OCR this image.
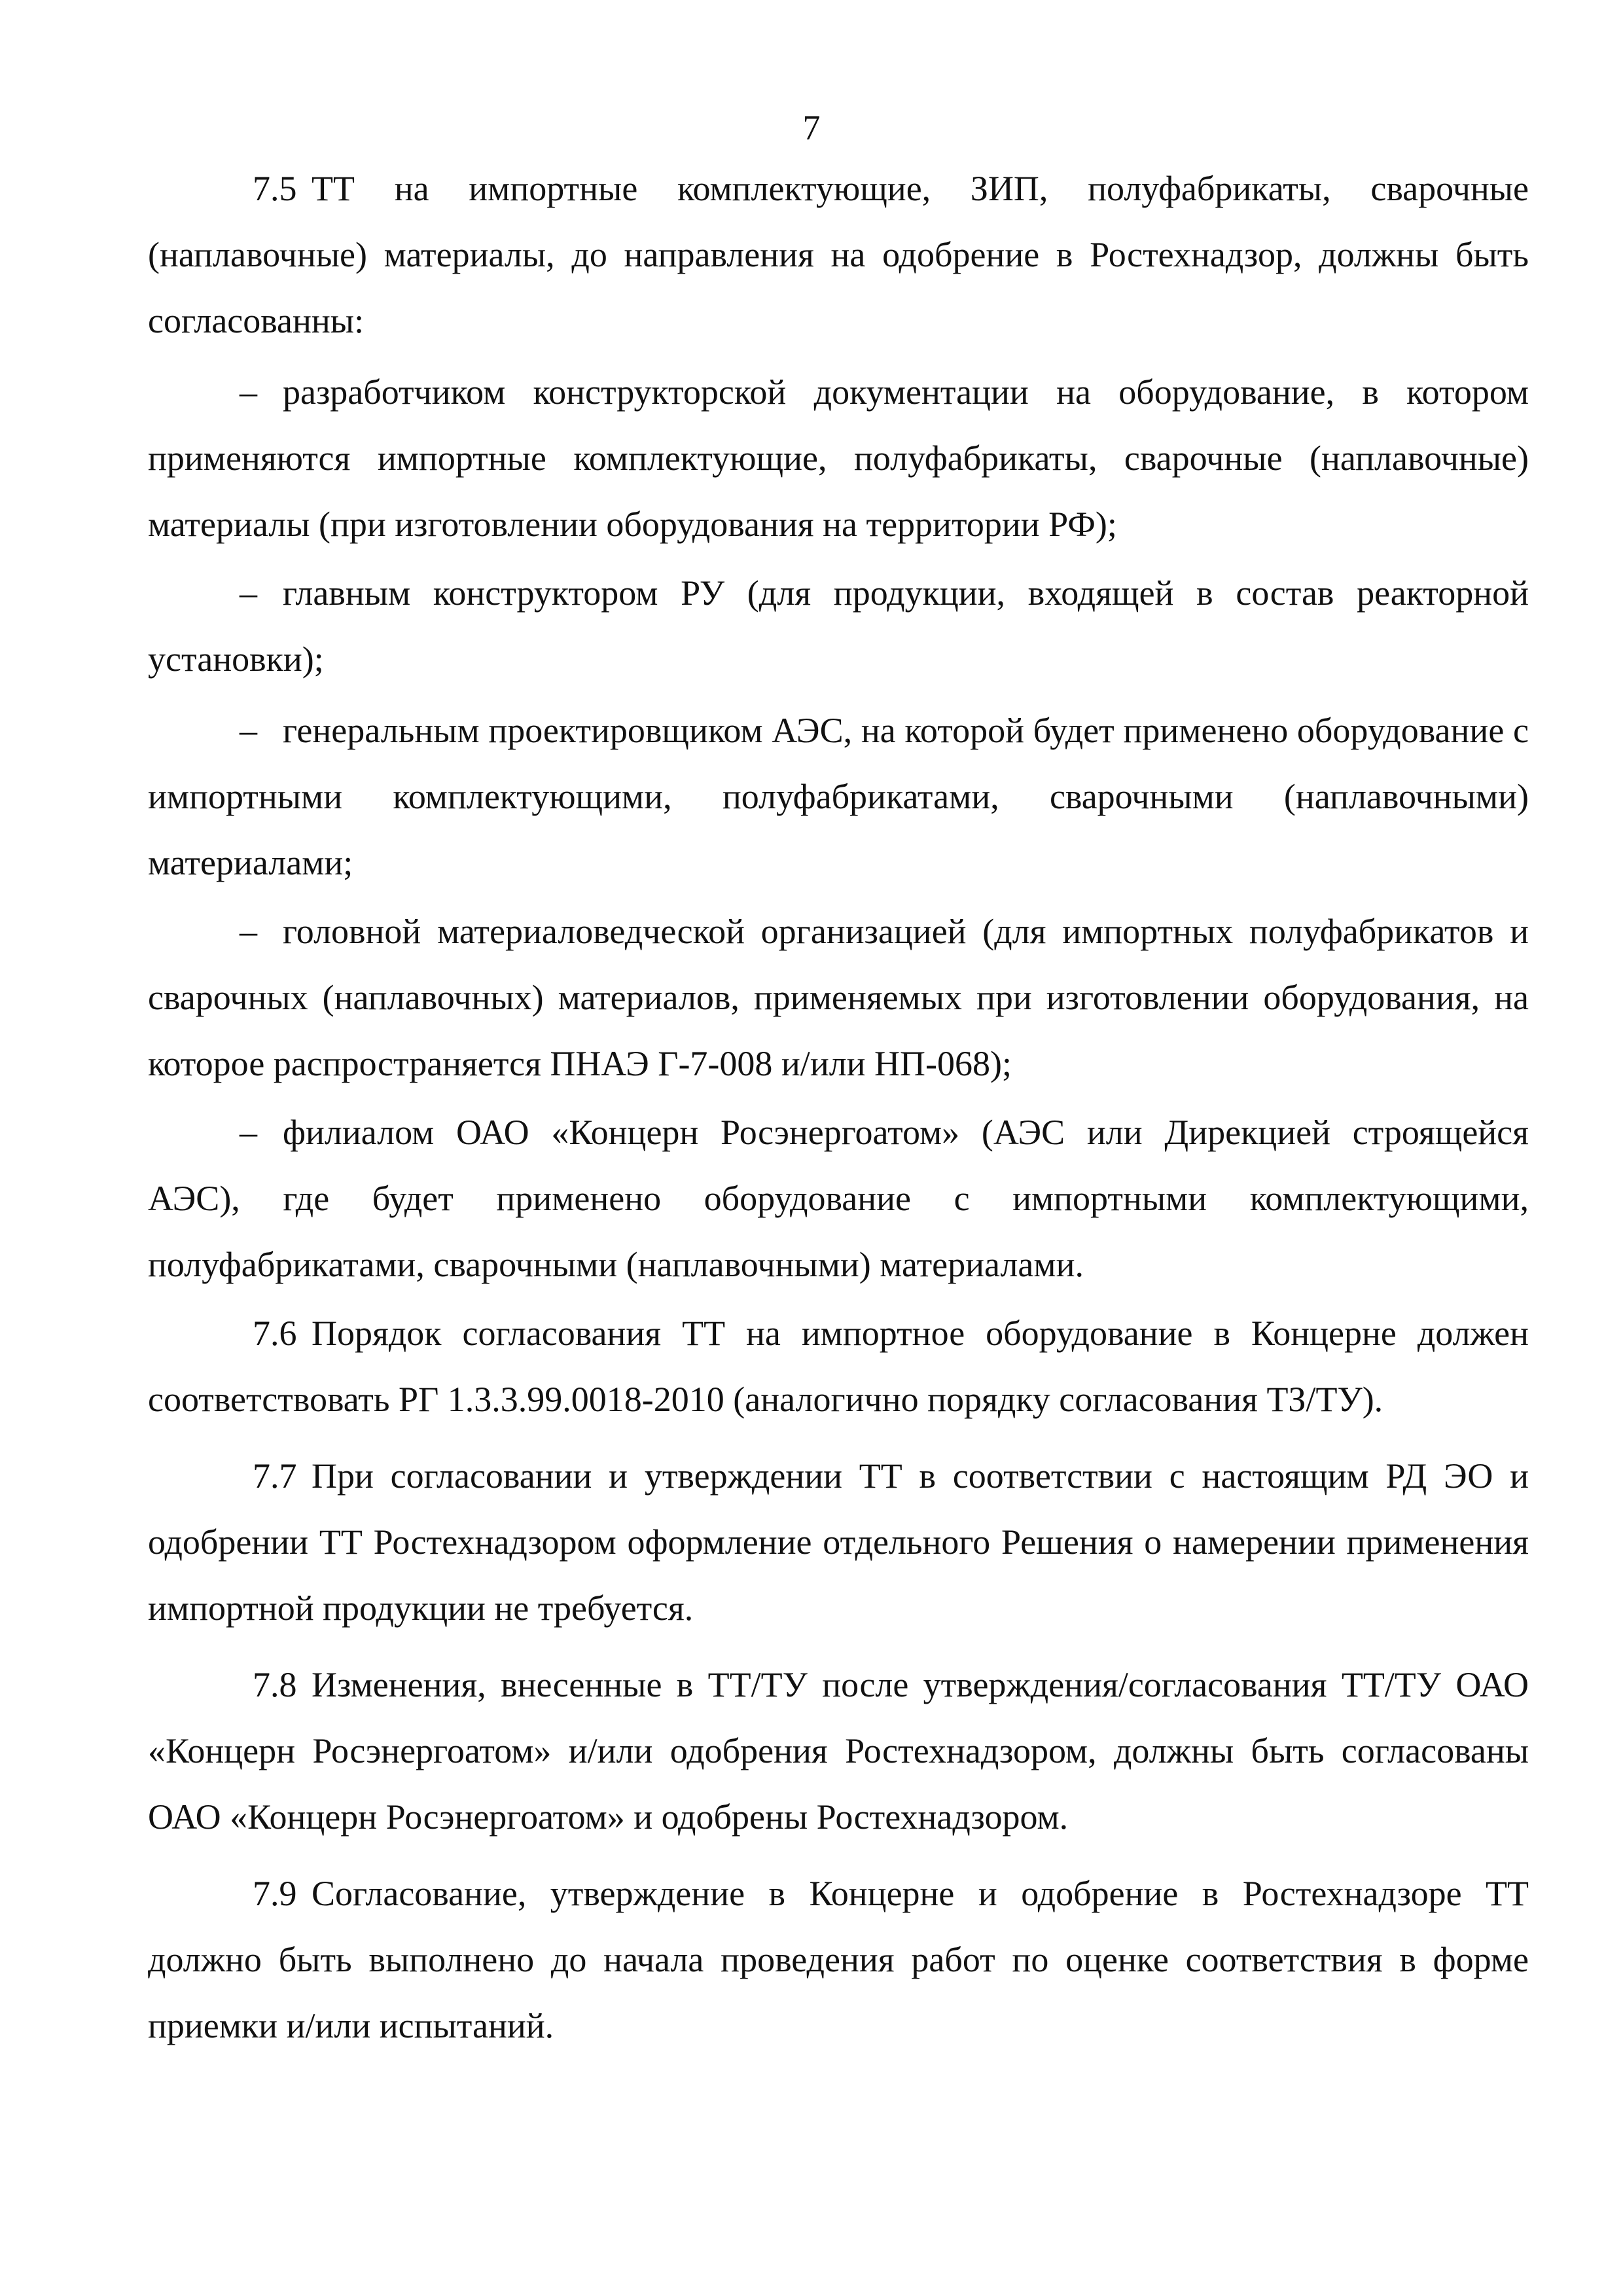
7

7.5 ТТ на импортные комплектующие, ЗИП, полуфабрикаты, сварочные (наплавочные) материалы, до направления на одобрение в Ростехнадзор, должны быть согласованны:

– разработчиком конструкторской документации на оборудование, в котором применяются импортные комплектующие, полуфабрикаты, сварочные (наплавочные) материалы (при изготовлении оборудования на территории РФ);

– главным конструктором РУ (для продукции, входящей в состав реакторной установки);

– генеральным проектировщиком АЭС, на которой будет применено оборудование с импортными комплектующими, полуфабрикатами, сварочными (наплавочными) материалами;

– головной материаловедческой организацией (для импортных полуфабрикатов и сварочных (наплавочных) материалов, применяемых при изготовлении оборудования, на которое распространяется ПНАЭ Г-7-008 и/или НП-068);

– филиалом ОАО «Концерн Росэнергоатом» (АЭС или Дирекцией строящейся АЭС), где будет применено оборудование с импортными комплектующими, полуфабрикатами, сварочными (наплавочными) материалами.

7.6 Порядок согласования ТТ на импортное оборудование в Концерне должен соответствовать РГ 1.3.3.99.0018-2010 (аналогично порядку согласования ТЗ/ТУ).

7.7 При согласовании и утверждении ТТ в соответствии с настоящим РД ЭО и одобрении ТТ Ростехнадзором оформление отдельного Решения о намерении применения импортной продукции не требуется.

7.8 Изменения, внесенные в ТТ/ТУ после утверждения/согласования ТТ/ТУ ОАО «Концерн Росэнергоатом» и/или одобрения Ростехнадзором, должны быть согласованы ОАО «Концерн Росэнергоатом» и одобрены Ростехнадзором.

7.9 Согласование, утверждение в Концерне и одобрение в Ростехнадзоре ТТ должно быть выполнено до начала проведения работ по оценке соответствия в форме приемки и/или испытаний.
